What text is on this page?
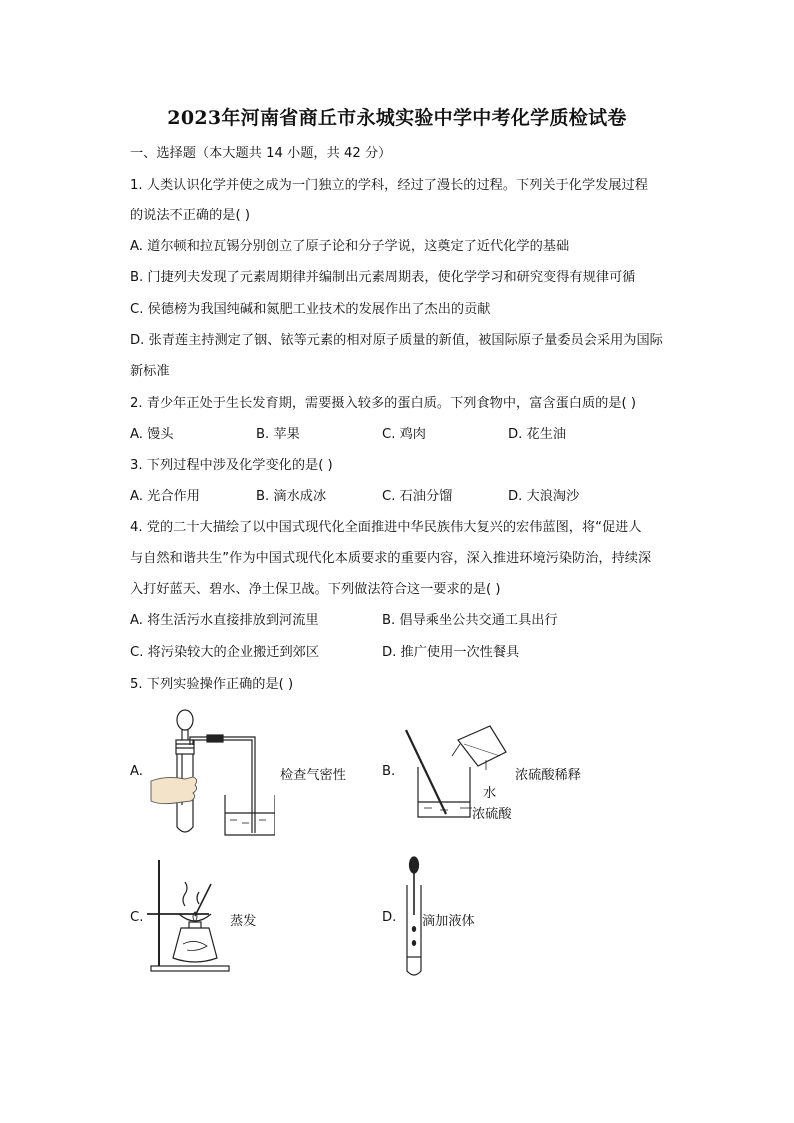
2023年河南省商丘市永城实验中学中考化学质检试卷
一、选择题（本大题共 14 小题，共 42 分）
1. 人类认识化学并使之成为一门独立的学科，经过了漫长的过程。下列关于化学发展过程
的说法不正确的是( )
A. 道尔顿和拉瓦锡分别创立了原子论和分子学说，这奠定了近代化学的基础
B. 门捷列夫发现了元素周期律并编制出元素周期表，使化学学习和研究变得有规律可循
C. 侯德榜为我国纯碱和氮肥工业技术的发展作出了杰出的贡献
D. 张青莲主持测定了铟、铱等元素的相对原子质量的新值，被国际原子量委员会采用为国际
新标准
2. 青少年正处于生长发育期，需要摄入较多的蛋白质。下列食物中，富含蛋白质的是( )
A. 馒头	B. 苹果	C. 鸡肉	D. 花生油
3. 下列过程中涉及化学变化的是( )
A. 光合作用	B. 滴水成冰	C. 石油分馏	D. 大浪淘沙
4. 党的二十大描绘了以中国式现代化全面推进中华民族伟大复兴的宏伟蓝图，将“促进人
与自然和谐共生”作为中国式现代化本质要求的重要内容，深入推进环境污染防治，持续深
入打好蓝天、碧水、净土保卫战。下列做法符合这一要求的是( )
A. 将生活污水直接排放到河流里	B. 倡导乘坐公共交通工具出行
C. 将污染较大的企业搬迁到郊区	D. 推广使用一次性餐具
5. 下列实验操作正确的是( )
A.	检查气密性	B.	浓硫酸稀释
水
浓硫酸
C.	蒸发	D. 滴加液体
